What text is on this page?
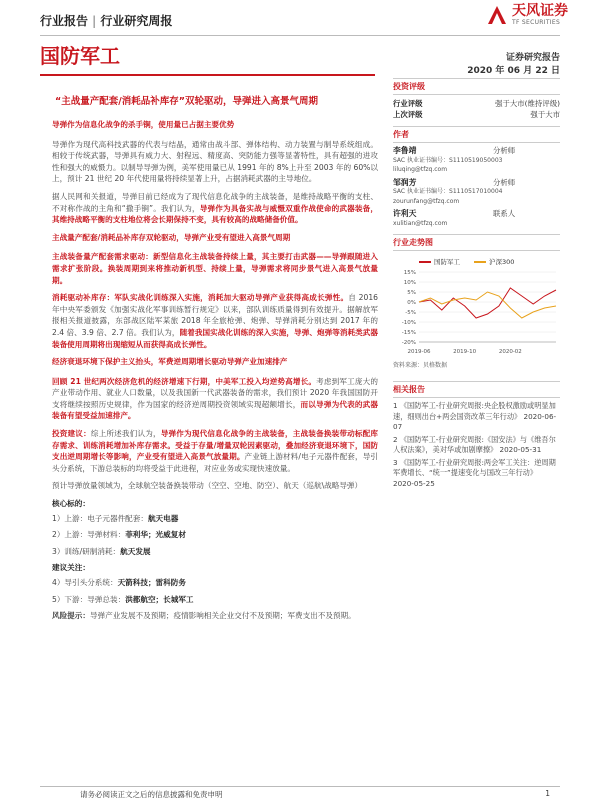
行业报告 | 行业研究周报
天风证券
TF SECURITIES
国防军工	证券研究报告
2020 年 06 月 22 日
“主战量产配套/消耗品补库存”双轮驱动，导弹进入高景气周期

导弹作为信息化战争的杀手锏，使用量已占据主要优势

导弹作为现代高科技武器的代表与结晶，通常由战斗部、弹体结构、动力装置与制导系统组成。相较于传统武器，导弹具有威力大、射程远、精度高、突防能力强等显著特性，具有超强的进攻性和强大的威慑力。以制导导弹为例，美军使用量已从 1991 年的 8%上升至 2003 年的 60%以上，预计 21 世纪 20 年代使用量将持续显著上升，占据消耗武器的主导地位。

据人民网和关报道，导弹目前已经成为了现代信息化战争的主战装备，是维持战略平衡的支柱、不对称作战的主角和“撒手锏”。我们认为，导弹作为具备实战与威慑双重作战使命的武器装备，其维持战略平衡的支柱地位将会长期保持不变，具有较高的战略储备价值。

主战量产配套/消耗品补库存双轮驱动，导弹产业受有望进入高景气周期

主战装备量产配套需求驱动：新型信息化主战装备持续上量，其主要打击武器——导弹跟随进入需求扩张阶段。换装周期到来将推动新机型、持续上量，导弹需求将同步景气进入高景气放量期。

消耗驱动补库存：军队实战化训练深入实施，消耗加大驱动导弹产业获得高成长弹性。自 2016 年中央军委颁发《加强实战化军事训练暂行规定》以来，部队训练质量得到有效提升。据解放军报相关报道披露，东部战区陆军某旅 2018 年全旅枪弹、炮弹、导弹消耗分别达到 2017 年的 2.4 倍、3.9 倍、2.7 倍。我们认为，随着我国实战化训练的深入实施，导弹、炮弹等消耗类武器装备使用周期将出现缩短从而获得高成长弹性。

经济衰退环境下保护主义抬头，军费逆周期增长驱动导弹产业加速排产

回顾 21 世纪两次经济危机的经济增速下行期，中美军工投入均逆势高增长。考虑到军工庞大的产业带动作用、就业人口数量，以及我国新一代武器装备的需求，我们预计 2020 年我国国防开支将继续按照历史规律，作为国家的经济逆周期投资领域实现超额增长，而以导弹为代表的武器装备有望受益加速排产。

投资建议：综上所述我们认为，导弹作为现代信息化战争的主战装备，主战装备换装带动标配库存需求、训练消耗增加补库存需求。受益于存量/增量双轮因素驱动，叠加经济衰退环境下，国防支出逆周期增长等影响，产业受有望进入高景气放量期。产业链上游材料/电子元器件配套，导引头分系统，下游总装标的均将受益于此进程，对应业务或实现快速放量。

预计导弹放量领域为，全球航空装备换装带动（空空、空地、防空）、航天（巡航\战略导弹）

核心标的：
1）上游：电子元器件配套：航天电器
2）上游：导弹材料：菲利华；光威复材
3）训练/研制消耗：航天发展
建议关注：
4）导引头分系统：天箭科技；雷科防务
5）下游：导弹总装：洪都航空；长城军工

风险提示：导弹产业发展不及预期；疫情影响相关企业交付不及预期；军费支出不及预期。

投资评级
行业评级	强于大市(维持评级)
上次评级	强于大市
作者
李鲁靖	分析师
SAC 执业证书编号：S1110519050003
liluqing@tfzq.com
邹润芳	分析师
SAC 执业证书编号：S1110517010004
zourunfang@tfzq.com
许利天	联系人
xulitian@tfzq.com
行业走势图
国防军工	沪深300
15%
10%
5%
0%
-5%
-10%
-15%
-20%
2019-06	2019-10	2020-02
资料来源：贝格数据
相关报告
1 《国防军工-行业研究周报:央企股权激励或明显加速，细则出台+两会国资改革三年行动》 2020-06-07
2 《国防军工-行业研究周报:《国安法》与《维吾尔人权法案》，美对华或加剧摩擦》 2020-05-31
3 《国防军工-行业研究周报:两会军工关注：逆周期军费增长、“统一”提速变化与国改三年行动》 2020-05-25
请务必阅读正文之后的信息披露和免责申明	1
